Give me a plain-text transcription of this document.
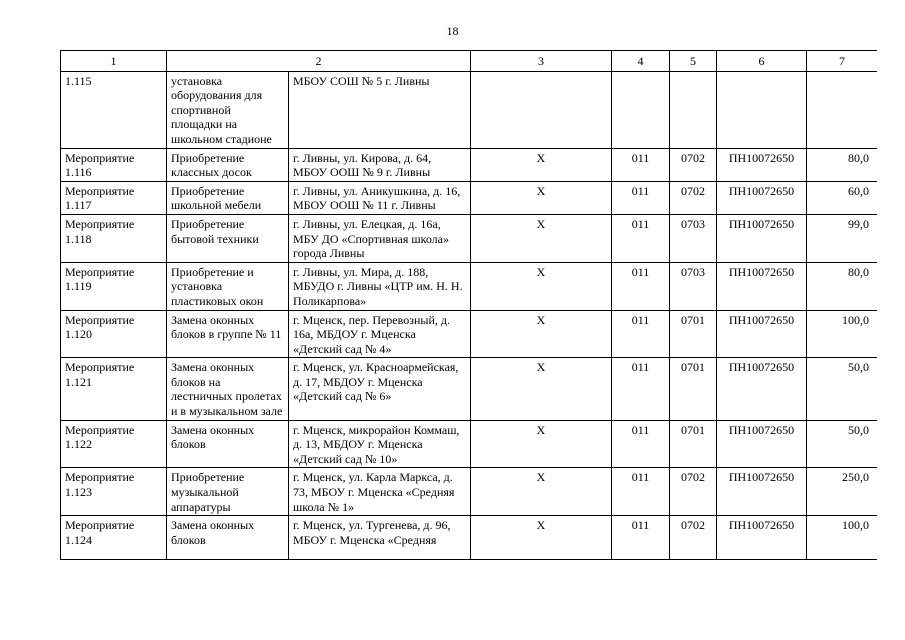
18
1	2		3	4	5	6	7
1.115	установка оборудования для спортивной площадки на школьном стадионе	МБОУ СОШ № 5 г. Ливны					
Мероприятие 1.116	Приобретение классных досок	г. Ливны, ул. Кирова, д. 64, МБОУ ООШ № 9 г. Ливны	Х	011	0702	ПН10072650	80,0
Мероприятие 1.117	Приобретение школьной мебели	г. Ливны, ул. Аникушкина, д. 16, МБОУ ООШ № 11 г. Ливны	Х	011	0702	ПН10072650	60,0
Мероприятие 1.118	Приобретение бытовой техники	г. Ливны, ул. Елецкая, д. 16а, МБУ ДО «Спортивная школа» города Ливны	Х	011	0703	ПН10072650	99,0
Мероприятие 1.119	Приобретение и установка пластиковых окон	г. Ливны, ул. Мира, д. 188, МБУДО г. Ливны «ЦТР им. Н. Н. Поликарпова»	Х	011	0703	ПН10072650	80,0
Мероприятие 1.120	Замена оконных блоков в группе № 11	г. Мценск, пер. Перевозный, д. 16а, МБДОУ г. Мценска «Детский сад № 4»	Х	011	0701	ПН10072650	100,0
Мероприятие 1.121	Замена оконных блоков на лестничных пролетах и в музыкальном зале	г. Мценск, ул. Красноармейская, д. 17, МБДОУ г. Мценска «Детский сад № 6»	Х	011	0701	ПН10072650	50,0
Мероприятие 1.122	Замена оконных блоков	г. Мценск, микрорайон Коммаш, д. 13, МБДОУ г. Мценска «Детский сад № 10»	Х	011	0701	ПН10072650	50,0
Мероприятие 1.123	Приобретение музыкальной аппаратуры	г. Мценск, ул. Карла Маркса, д. 73, МБОУ г. Мценска «Средняя школа № 1»	Х	011	0702	ПН10072650	250,0
Мероприятие 1.124	Замена оконных блоков	г. Мценск, ул. Тургенева, д. 96, МБОУ г. Мценска «Средняя	Х	011	0702	ПН10072650	100,0
